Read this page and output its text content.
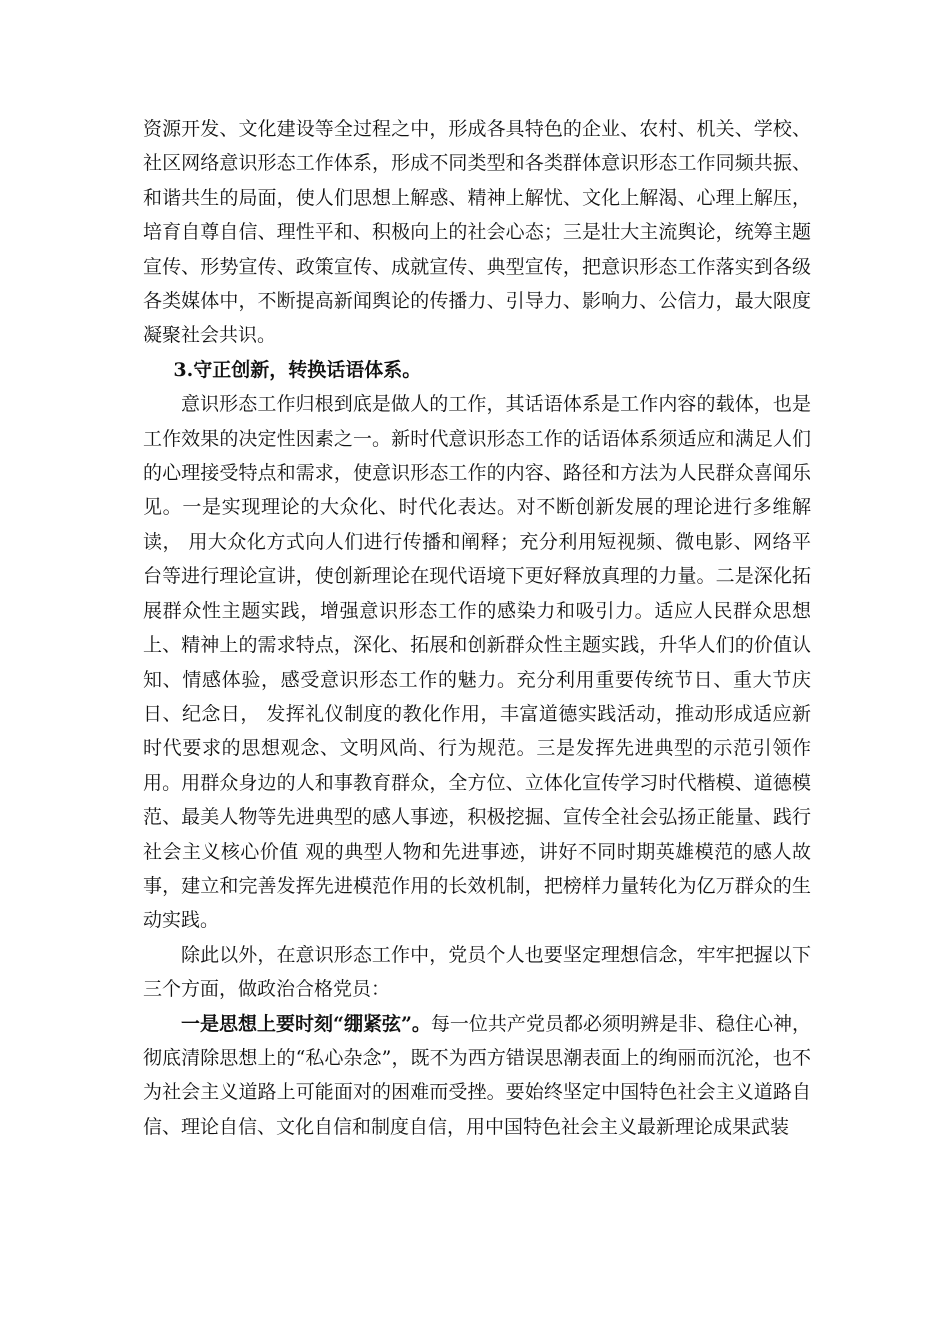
资源开发、文化建设等全过程之中，形成各具特色的企业、农村、机关、学校、社区网络意识形态工作体系，形成不同类型和各类群体意识形态工作同频共振、和谐共生的局面，使人们思想上解惑、精神上解忧、文化上解渴、心理上解压，培育自尊自信、理性平和、积极向上的社会心态；三是壮大主流舆论，统筹主题宣传、形势宣传、政策宣传、成就宣传、典型宣传，把意识形态工作落实到各级各类媒体中，不断提高新闻舆论的传播力、引导力、影响力、公信力，最大限度凝聚社会共识。

3.守正创新，转换话语体系。

意识形态工作归根到底是做人的工作，其话语体系是工作内容的载体，也是工作效果的决定性因素之一。新时代意识形态工作的话语体系须适应和满足人们的心理接受特点和需求，使意识形态工作的内容、路径和方法为人民群众喜闻乐见。一是实现理论的大众化、时代化表达。对不断创新发展的理论进行多维解读， 用大众化方式向人们进行传播和阐释；充分利用短视频、微电影、网络平台等进行理论宣讲，使创新理论在现代语境下更好释放真理的力量。二是深化拓展群众性主题实践，增强意识形态工作的感染力和吸引力。适应人民群众思想上、精神上的需求特点，深化、拓展和创新群众性主题实践，升华人们的价值认知、情感体验，感受意识形态工作的魅力。充分利用重要传统节日、重大节庆日、纪念日， 发挥礼仪制度的教化作用，丰富道德实践活动，推动形成适应新时代要求的思想观念、文明风尚、行为规范。三是发挥先进典型的示范引领作用。用群众身边的人和事教育群众，全方位、立体化宣传学习时代楷模、道德模范、最美人物等先进典型的感人事迹，积极挖掘、宣传全社会弘扬正能量、践行社会主义核心价值 观的典型人物和先进事迹，讲好不同时期英雄模范的感人故事，建立和完善发挥先进模范作用的长效机制，把榜样力量转化为亿万群众的生动实践。

除此以外，在意识形态工作中，党员个人也要坚定理想信念，牢牢把握以下三个方面，做政治合格党员：

一是思想上要时刻“绷紧弦”。每一位共产党员都必须明辨是非、稳住心神，彻底清除思想上的“私心杂念”，既不为西方错误思潮表面上的绚丽而沉沦，也不为社会主义道路上可能面对的困难而受挫。要始终坚定中国特色社会主义道路自信、理论自信、文化自信和制度自信，用中国特色社会主义最新理论成果武装
